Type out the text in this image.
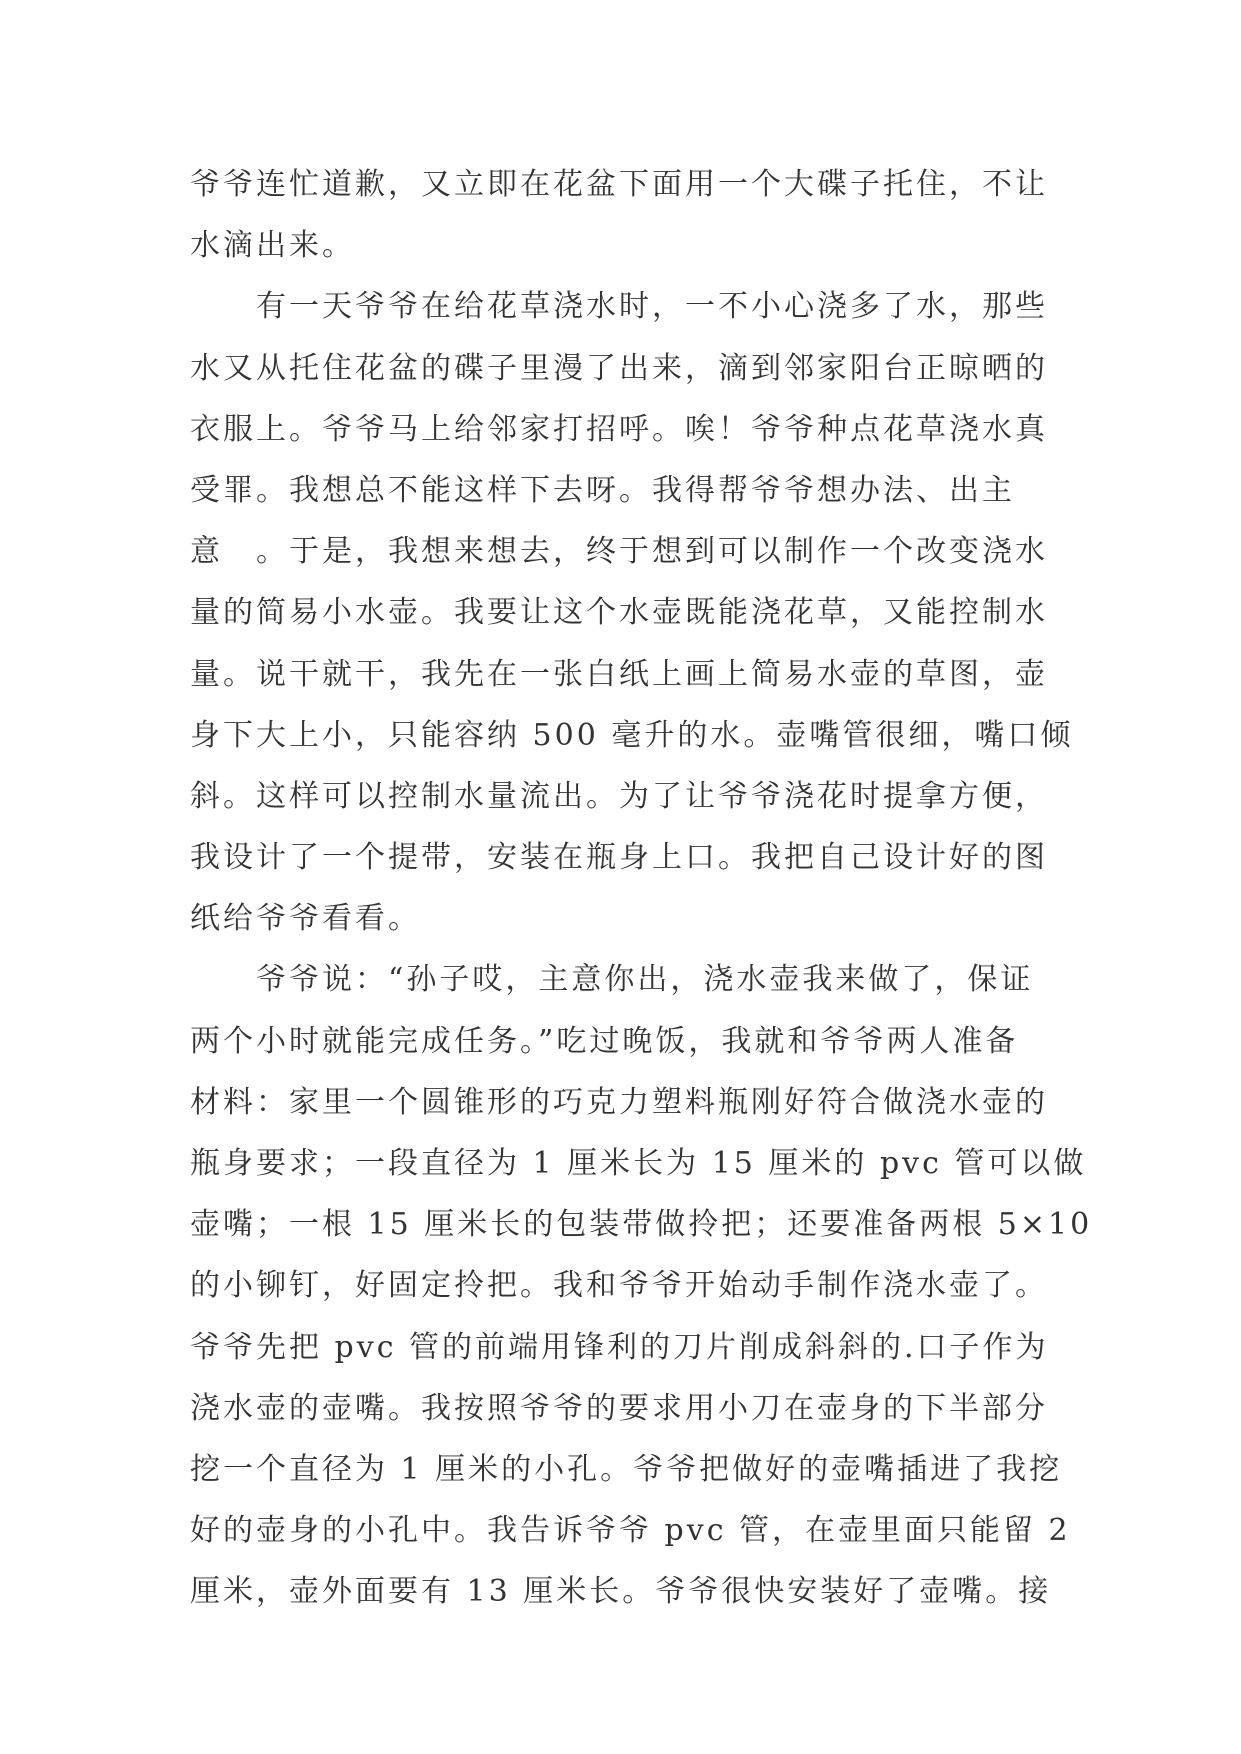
爷爷连忙道歉，又立即在花盆下面用一个大碟子托住，不让
水滴出来。
　　有一天爷爷在给花草浇水时，一不小心浇多了水，那些
水又从托住花盆的碟子里漫了出来，滴到邻家阳台正晾晒的
衣服上。爷爷马上给邻家打招呼。唉！爷爷种点花草浇水真
受罪。我想总不能这样下去呀。我得帮爷爷想办法、出主
意　。于是，我想来想去，终于想到可以制作一个改变浇水
量的简易小水壶。我要让这个水壶既能浇花草，又能控制水
量。说干就干，我先在一张白纸上画上简易水壶的草图，壶
身下大上小，只能容纳 500 毫升的水。壶嘴管很细，嘴口倾
斜。这样可以控制水量流出。为了让爷爷浇花时提拿方便，
我设计了一个提带，安装在瓶身上口。我把自己设计好的图
纸给爷爷看看。
　　爷爷说：“孙子哎，主意你出，浇水壶我来做了，保证
两个小时就能完成任务。”吃过晚饭，我就和爷爷两人准备
材料：家里一个圆锥形的巧克力塑料瓶刚好符合做浇水壶的
瓶身要求；一段直径为 1 厘米长为 15 厘米的 pvc 管可以做
壶嘴；一根 15 厘米长的包装带做拎把；还要准备两根 5×10
的小铆钉，好固定拎把。我和爷爷开始动手制作浇水壶了。
爷爷先把 pvc 管的前端用锋利的刀片削成斜斜的.口子作为
浇水壶的壶嘴。我按照爷爷的要求用小刀在壶身的下半部分
挖一个直径为 1 厘米的小孔。爷爷把做好的壶嘴插进了我挖
好的壶身的小孔中。我告诉爷爷 pvc 管，在壶里面只能留 2
厘米，壶外面要有 13 厘米长。爷爷很快安装好了壶嘴。接
